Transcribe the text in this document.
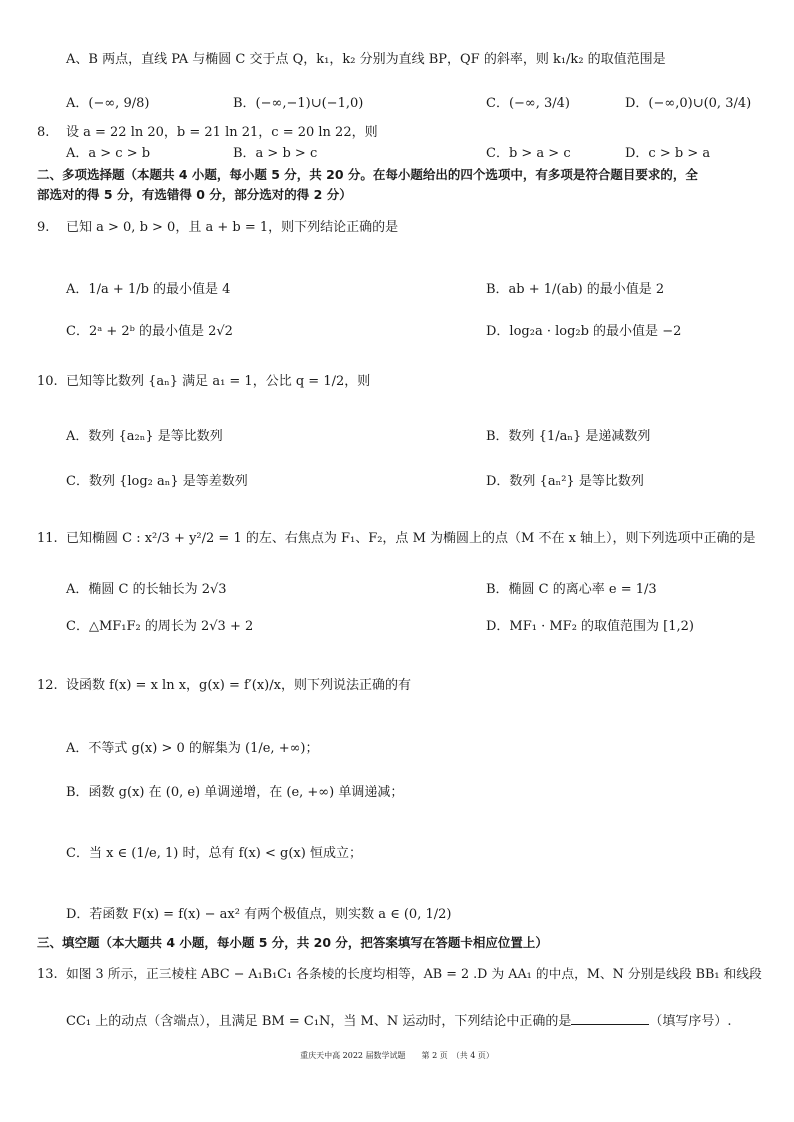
A、B 两点，直线 PA 与椭圆 C 交于点 Q，k₁，k₂ 分别为直线 BP，QF 的斜率，则 k₁/k₂ 的取值范围是
A．(−∞, 9/8)	B．(−∞,−1)∪(−1,0)	C．(−∞, 3/4)	D．(−∞,0)∪(0, 3/4)
8. 设 a = 22 ln 20，b = 21 ln 21，c = 20 ln 22，则
A．a > c > b	B．a > b > c	C．b > a > c	D．c > b > a
二、多项选择题（本题共 4 小题，每小题 5 分，共 20 分。在每小题给出的四个选项中，有多项是符合题目要求的，全
部选对的得 5 分，有选错得 0 分，部分选对的得 2 分）
9. 已知 a > 0, b > 0，且 a + b = 1，则下列结论正确的是
A．1/a + 1/b 的最小值是 4	B．ab + 1/(ab) 的最小值是 2
C．2ᵃ + 2ᵇ 的最小值是 2√2	D．log₂a · log₂b 的最小值是 −2
10. 已知等比数列 {aₙ} 满足 a₁ = 1，公比 q = 1/2，则
A．数列 {a₂ₙ} 是等比数列	B．数列 {1/aₙ} 是递减数列
C．数列 {log₂ aₙ} 是等差数列	D．数列 {aₙ²} 是等比数列
11. 已知椭圆 C : x²/3 + y²/2 = 1 的左、右焦点为 F₁、F₂，点 M 为椭圆上的点（M 不在 x 轴上），则下列选项中正确的是
A．椭圆 C 的长轴长为 2√3	B．椭圆 C 的离心率 e = 1/3
C．△MF₁F₂ 的周长为 2√3 + 2	D．MF₁ · MF₂ 的取值范围为 [1,2)
12. 设函数 f(x) = x ln x，g(x) = f′(x)/x，则下列说法正确的有
A．不等式 g(x) > 0 的解集为 (1/e, +∞)；
B．函数 g(x) 在 (0, e) 单调递增，在 (e, +∞) 单调递减；
C．当 x ∈ (1/e, 1) 时，总有 f(x) < g(x) 恒成立；
D．若函数 F(x) = f(x) − ax² 有两个极值点，则实数 a ∈ (0, 1/2)
三、填空题（本大题共 4 小题，每小题 5 分，共 20 分，把答案填写在答题卡相应位置上）
13. 如图 3 所示，正三棱柱 ABC − A₁B₁C₁ 各条棱的长度均相等，AB = 2 .D 为 AA₁ 的中点，M、N 分别是线段 BB₁ 和线段
CC₁ 上的动点（含端点），且满足 BM = C₁N，当 M、N 运动时，下列结论中正确的是	（填写序号）.
重庆天中高 2022 届数学试题　　第 2 页　（共 4 页）
